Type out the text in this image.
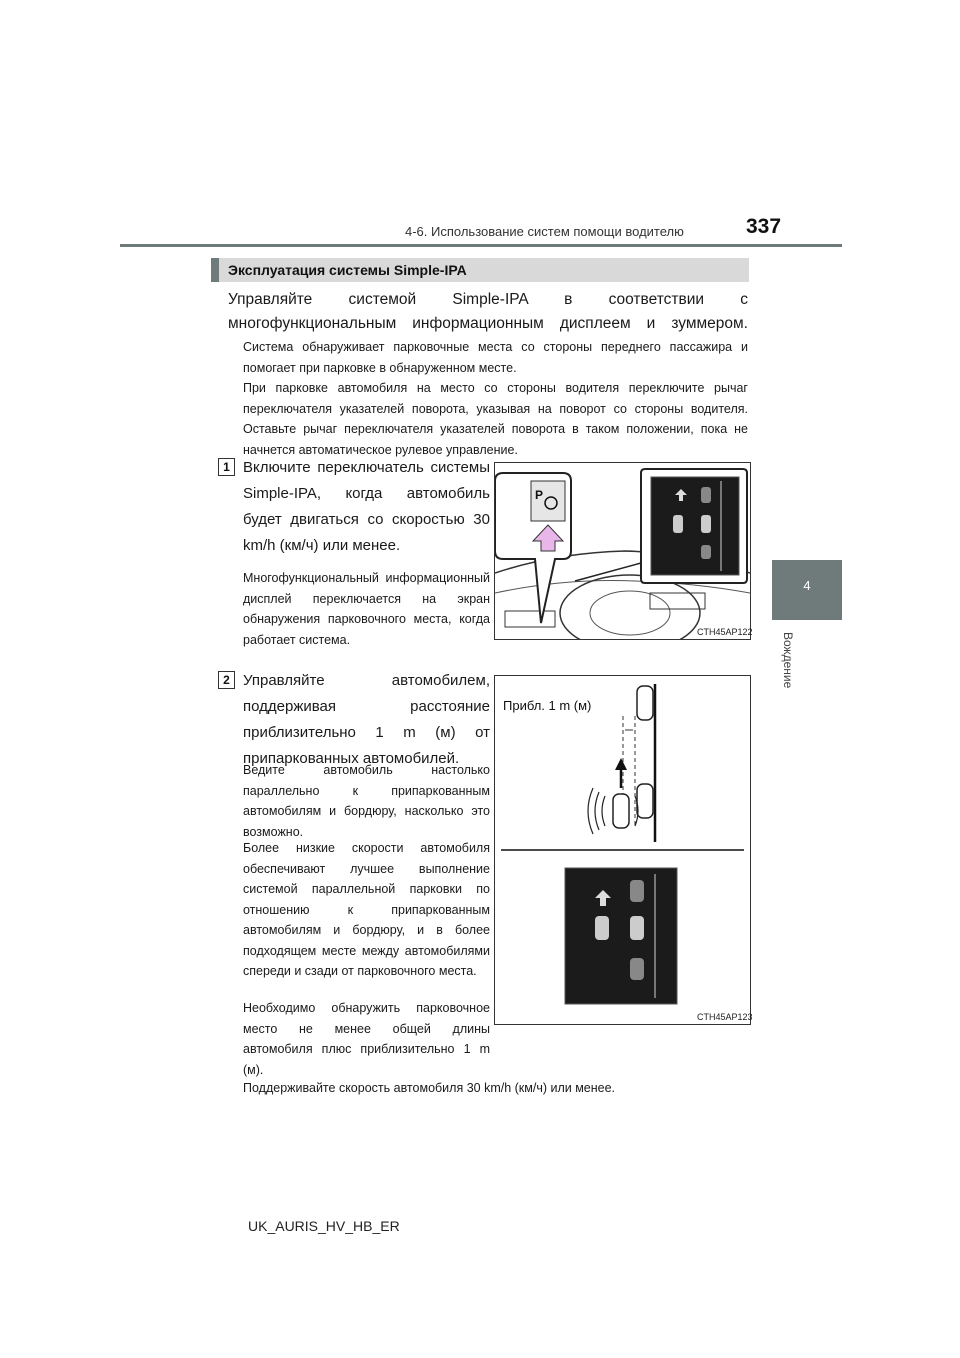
4-6. Использование систем помощи водителю	337
4
Вождение
Эксплуатация системы Simple-IPA
Управляйте системой Simple-IPA в соответствии с многофункциональным информационным дисплеем и зуммером.
Система обнаруживает парковочные места со стороны переднего пассажира и помогает при парковке в обнаруженном месте.
При парковке автомобиля на место со стороны водителя переключите рычаг переключателя указателей поворота, указывая на поворот со стороны водителя. Оставьте рычаг переключателя указателей поворота в таком положении, пока не начнется автоматическое рулевое управление.
1 Включите переключатель системы Simple-IPA, когда автомобиль будет двигаться со скоростью 30 km/h (км/ч) или менее.
Многофункциональный информационный дисплей переключается на экран обнаружения парковочного места, когда работает система.
P
CTH45AP122
2 Управляйте автомобилем, поддерживая расстояние приблизительно 1 m (м) от припаркованных автомобилей.
Ведите автомобиль настолько параллельно к припаркованным автомобилям и бордюру, насколько это возможно.
Более низкие скорости автомобиля обеспечивают лучшее выполнение системой параллельной парковки по отношению к припаркованным автомобилям и бордюру, и в более подходящем месте между автомобилями спереди и сзади от парковочного места.
Необходимо обнаружить парковочное место не менее общей длины автомобиля плюс приблизительно 1 m (м).
Прибл. 1 m (м)
CTH45AP123
Поддерживайте скорость автомобиля 30 km/h (км/ч) или менее.
UK_AURIS_HV_HB_ER
